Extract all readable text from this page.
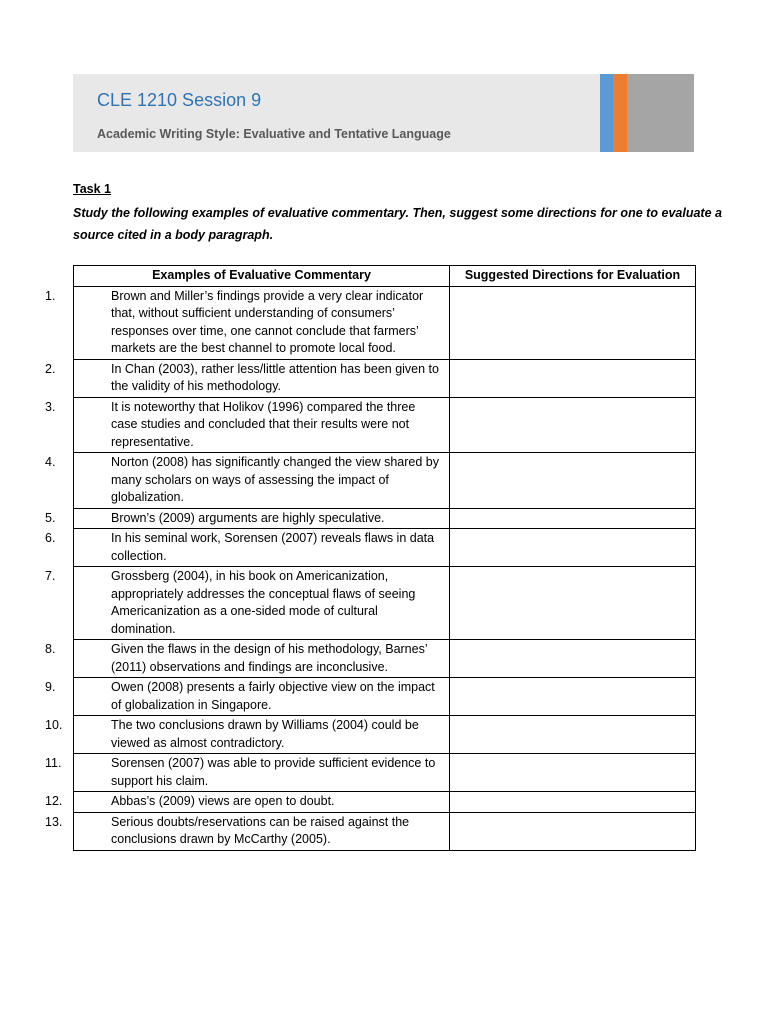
CLE 1210 Session 9
Academic Writing Style: Evaluative and Tentative Language
Task 1
Study the following examples of evaluative commentary. Then, suggest some directions for one to evaluate a source cited in a body paragraph.
Examples of Evaluative Commentary	Suggested Directions for Evaluation

1. Brown and Miller’s findings provide a very clear indicator that, without sufficient understanding of consumers’ responses over time, one cannot conclude that farmers’ markets are the best channel to promote local food.	

2. In Chan (2003), rather less/little attention has been given to the validity of his methodology.	

3. It is noteworthy that Holikov (1996) compared the three case studies and concluded that their results were not representative.	

4. Norton (2008) has significantly changed the view shared by many scholars on ways of assessing the impact of globalization.	

5. Brown’s (2009) arguments are highly speculative.	

6. In his seminal work, Sorensen (2007) reveals flaws in data collection.	

7. Grossberg (2004), in his book on Americanization, appropriately addresses the conceptual flaws of seeing Americanization as a one-sided mode of cultural domination.	

8. Given the flaws in the design of his methodology, Barnes’ (2011) observations and findings are inconclusive.	

9. Owen (2008) presents a fairly objective view on the impact of globalization in Singapore.	

10. The two conclusions drawn by Williams (2004) could be viewed as almost contradictory.	

11. Sorensen (2007) was able to provide sufficient evidence to support his claim.	

12. Abbas’s (2009) views are open to doubt.	

13. Serious doubts/reservations can be raised against the conclusions drawn by McCarthy (2005).	
